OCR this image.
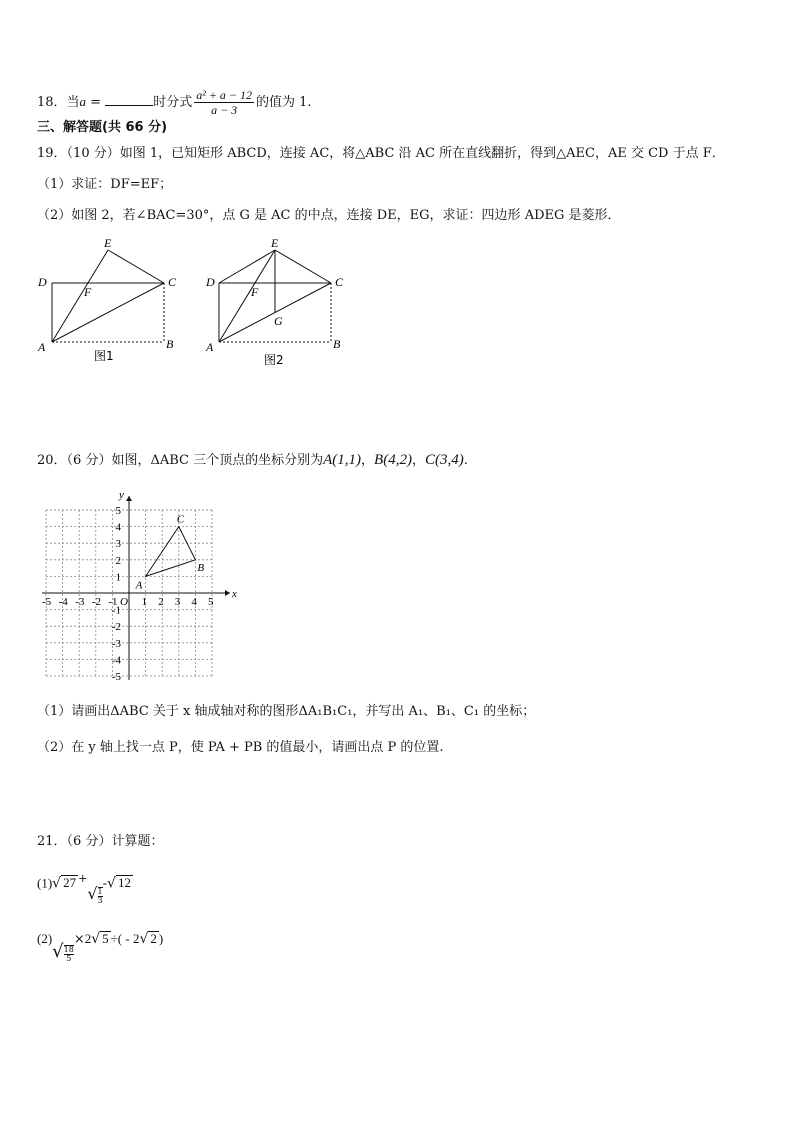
18．当a =	时分式 $\frac{\text{a² + a − 12}}{a - 3}$ 的值为 1.
三、解答题(共 66 分)
19．（10 分）如图 1，已知矩形 ABCD，连接 AC，将△ABC 沿 AC 所在直线翻折，得到△AEC，AE 交 CD 于点 F．
（1）求证：DF=EF；
（2）如图 2，若∠BAC=30°，点 G 是 AC 的中点，连接 DE，EG，求证：四边形 ADEG 是菱形．
E
D	C
F
A	B
图1
E
D	C
F
G
A	B
图2
20．（6 分）如图，ΔABC 三个顶点的坐标分别为A(1,1)，B(4,2)，C(3,4).
x
y
O
-5 -4 -3 -2 -1 1 2 3 4 5
5
4
3
2
1
-1
-2
-3
-4
-5
A
B
C
（1）请画出ΔABC 关于 x 轴成轴对称的图形ΔA₁B₁C₁，并写出 A₁、B₁、C₁ 的坐标；
（2）在 y 轴上找一点 P，使 PA + PB 的值最小，请画出点 P 的位置.
21．（6 分）计算题：
(1)√ 27 $^+√ \frac{1}{3}$
-√ 12
$(2)√ \frac{18}{5}$
×2√ 5 ÷( - 2√ 2 )
